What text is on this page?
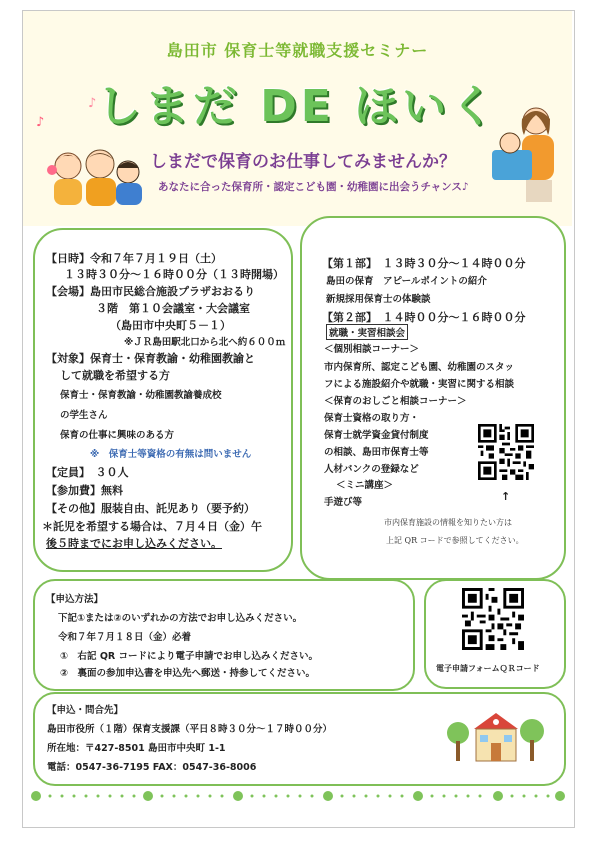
島田市 保育士等就職支援セミナー
しまだ DE ほいく
しまだで保育のお仕事してみませんか？
あなたに合った保育所・認定こども園・幼稚園に出会うチャンス♪
♪
♪
【日時】令和７年７月１９日（土）
１３時３０分～１６時００分（１３時開場）
【会場】島田市民総合施設プラザおおるり
３階　第１０会議室・大会議室
（島田市中央町５－１）
※ＪＲ島田駅北口から北へ約６００ｍ
【対象】保育士・保育教諭・幼稚園教諭と
して就職を希望する方
保育士・保育教諭・幼稚園教諭養成校
の学生さん
保育の仕事に興味のある方
※　保育士等資格の有無は問いません
【定員】　３０人
【参加費】無料
【その他】服装自由、託児あり（要予約）
＊託児を希望する場合は、７月４日（金）午
後５時までにお申し込みください。
【第１部】　１３時３０分～１４時００分
島田の保育　アピールポイントの紹介
新規採用保育士の体験談
【第２部】　１４時００分～１６時００分
就職・実習相談会
＜個別相談コーナー＞
市内保育所、認定こども園、幼稚園のスタッ
フによる施設紹介や就職・実習に関する相談
＜保育のおしごと相談コーナー＞
保育士資格の取り方・
保育士就学資金貸付制度
の相談、島田市保育士等
人材バンクの登録など
＜ミニ講座＞
手遊び等	↑
市内保育施設の情報を知りたい方は
上記 QR コードで参照してください。
【申込方法】
下記①または②のいずれかの方法でお申し込みください。
令和７年７月１８日（金）必着
①　右記 QR コードにより電子申請でお申し込みください。
②　裏面の参加申込書を申込先へ郵送・持参してください。	電子申請フォームＱＲコード
【申込・問合先】
島田市役所（１階）保育支援課（平日８時３０分～１７時００分）
所在地：〒427-8501 島田市中央町 1-1
電話：0547-36-7195 FAX：0547-36-8006
